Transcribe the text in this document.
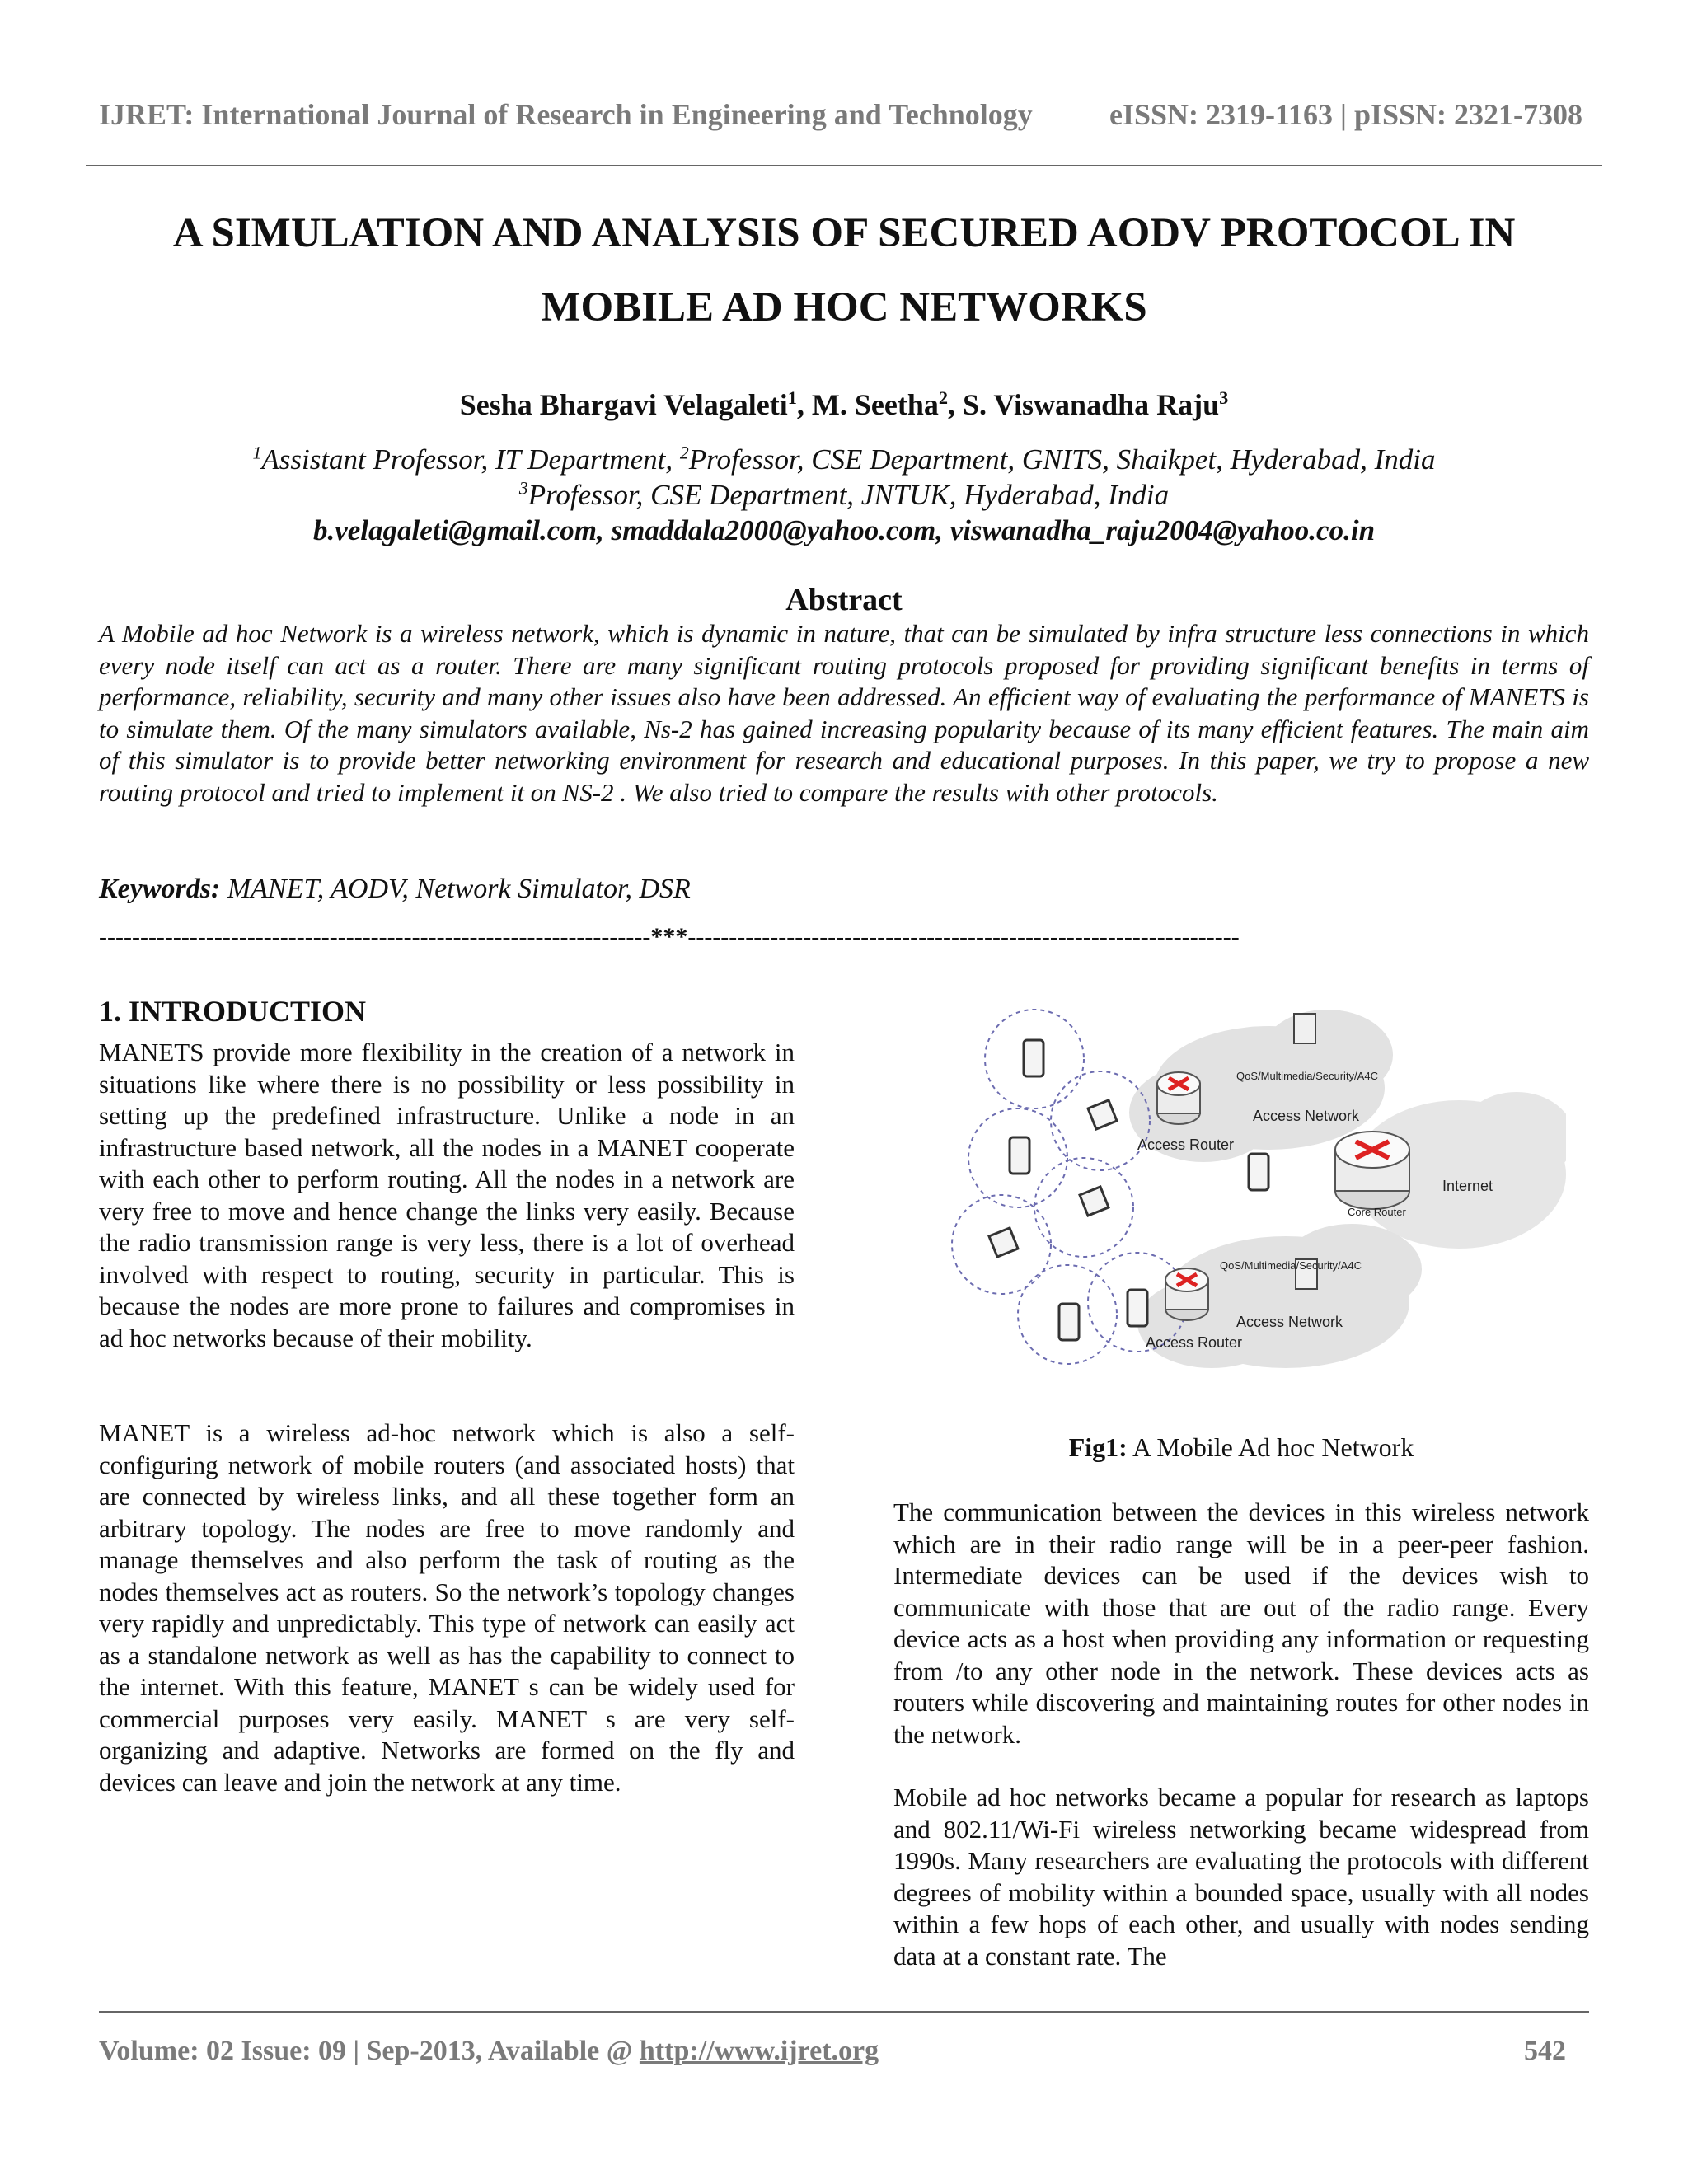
IJRET: International Journal of Research in Engineering and Technology	eISSN: 2319-1163 | pISSN: 2321-7308
A SIMULATION AND ANALYSIS OF SECURED AODV PROTOCOL IN
MOBILE AD HOC NETWORKS
Sesha Bhargavi Velagaleti$^1$, M. Seetha$^2$, S. Viswanadha Raju$^3$
$^1$Assistant Professor, IT Department, $^2$Professor, CSE Department, GNITS, Shaikpet, Hyderabad, India
$^3$Professor, CSE Department, JNTUK, Hyderabad, India
b.velagaleti@gmail.com, smaddala2000@yahoo.com, viswanadha_raju2004@yahoo.co.in
Abstract

A Mobile ad hoc Network is a wireless network, which is dynamic in nature, that can be simulated by infra structure less connections in which every node itself can act as a router. There are many significant routing protocols proposed for providing significant benefits in terms of performance, reliability, security and many other issues also have been addressed. An efficient way of evaluating the performance of MANETS is to simulate them. Of the many simulators available, Ns-2 has gained increasing popularity because of its many efficient features. The main aim of this simulator is to provide better networking environment for research and educational purposes. In this paper, we try to propose a new routing protocol and tried to implement it on NS-2 . We also tried to compare the results with other protocols.

Keywords: MANET, AODV, Network Simulator, DSR
-------------------------------------------------------------------***-------------------------------------------------------------------
1. INTRODUCTION

MANETS provide more flexibility in the creation of a network in situations like where there is no possibility or less possibility in setting up the predefined infrastructure. Unlike a node in an infrastructure based network, all the nodes in a MANET cooperate with each other to perform routing. All the nodes in a network are very free to move and hence change the links very easily. Because the radio transmission range is very less, there is a lot of overhead involved with respect to routing, security in particular. This is because the nodes are more prone to failures and compromises in ad hoc networks because of their mobility.

MANET is a wireless ad-hoc network which is also a self-configuring network of mobile routers (and associated hosts) that are connected by wireless links, and all these together form an arbitrary topology. The nodes are free to move randomly and manage themselves and also perform the task of routing as the nodes themselves act as routers. So the network’s topology changes very rapidly and unpredictably. This type of network can easily act as a standalone network as well as has the capability to connect to the internet. With this feature, MANET s can be widely used for commercial purposes very easily. MANET s are very self-organizing and adaptive. Networks are formed on the fly and devices can leave and join the network at any time.

QoS/Multimedia/Security/A4C
Access Network
Access Router
Internet
Core Router
QoS/Multimedia/Security/A4C
Access Network
Access Router
Fig1: A Mobile Ad hoc Network

The communication between the devices in this wireless network which are in their radio range will be in a peer-peer fashion. Intermediate devices can be used if the devices wish to communicate with those that are out of the radio range. Every device acts as a host when providing any information or requesting from /to any other node in the network. These devices acts as routers while discovering and maintaining routes for other nodes in the network.

Mobile ad hoc networks became a popular for research as laptops and 802.11/Wi-Fi wireless networking became widespread from 1990s. Many researchers are evaluating the protocols with different degrees of mobility within a bounded space, usually with all nodes within a few hops of each other, and usually with nodes sending data at a constant rate. The

Volume: 02 Issue: 09 | Sep-2013, Available @ http://www.ijret.org	542
